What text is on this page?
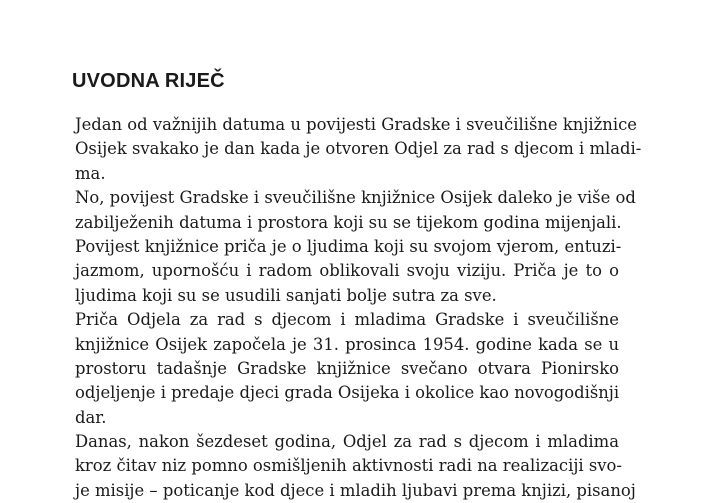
UVODNA RIJEČ
Jedan od važnijih datuma u povijesti Gradske i sveučilišne knjižnice
Osijek svakako je dan kada je otvoren Odjel za rad s djecom i mladi-
ma.
No, povijest Gradske i sveučilišne knjižnice Osijek daleko je više od
zabilježenih datuma i prostora koji su se tijekom godina mijenjali.
Povijest knjižnice priča je o ljudima koji su svojom vjerom, entuzi-
jazmom, upornošću i radom oblikovali svoju viziju. Priča je to o
ljudima koji su se usudili sanjati bolje sutra za sve.
Priča Odjela za rad s djecom i mladima Gradske i sveučilišne
knjižnice Osijek započela je 31. prosinca 1954. godine kada se u
prostoru tadašnje Gradske knjižnice svečano otvara Pionirsko
odjeljenje i predaje djeci grada Osijeka i okolice kao novogodišnji
dar.
Danas, nakon šezdeset godina, Odjel za rad s djecom i mladima
kroz čitav niz pomno osmišljenih aktivnosti radi na realizaciji svo-
je misije – poticanje kod djece i mladih ljubavi prema knjizi, pisanoj
